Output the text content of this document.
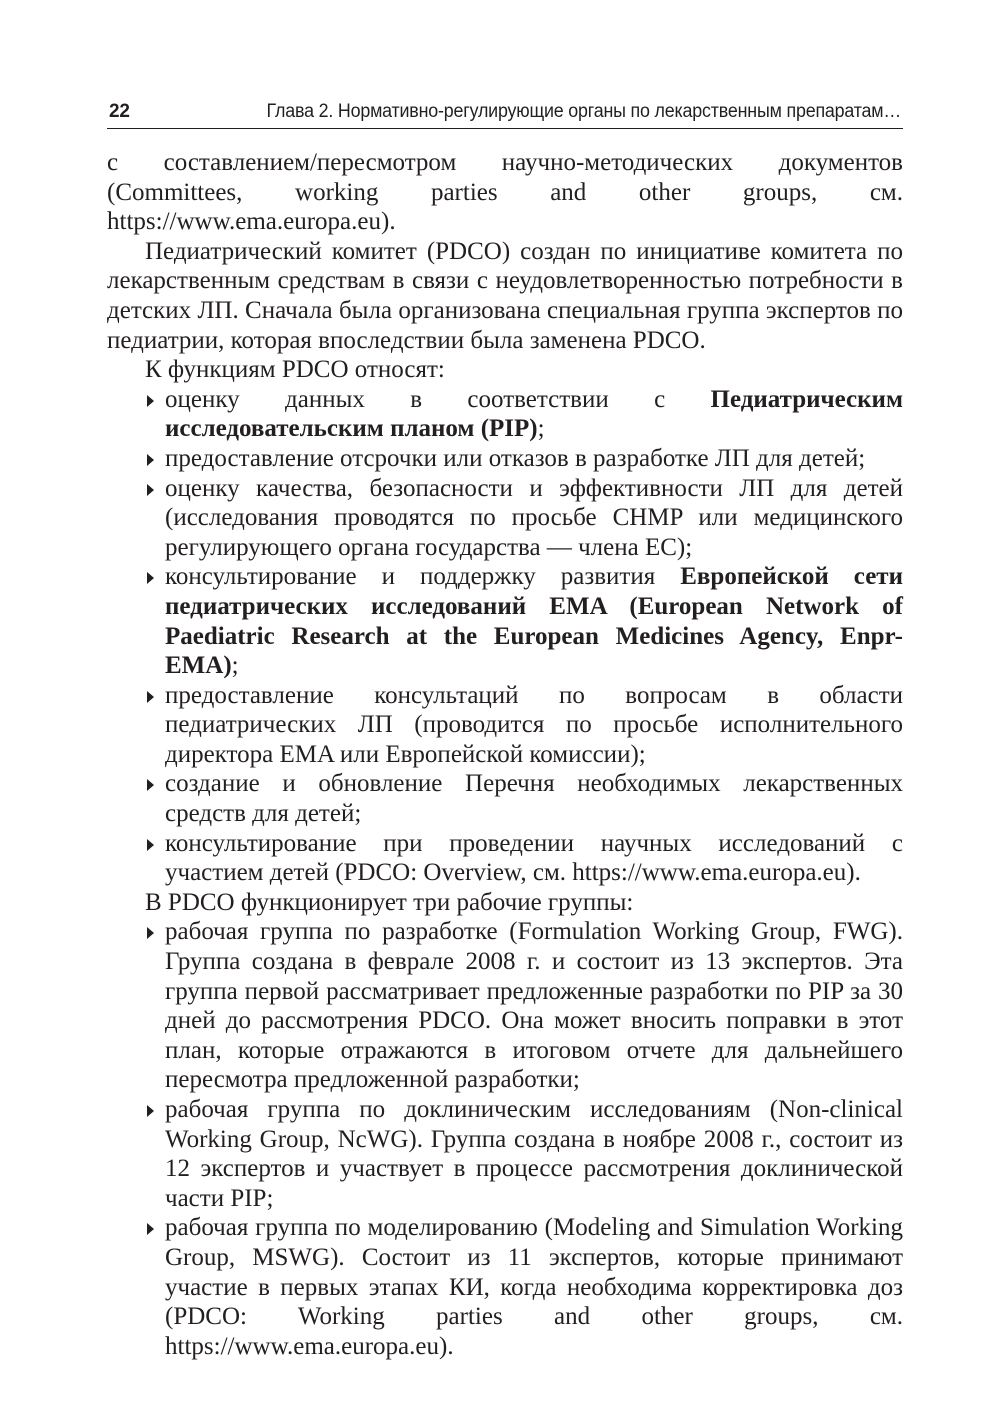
22	Глава 2. Нормативно-регулирующие органы по лекарственным препаратам…

с составлением/пересмотром научно-методических документов (Committees, working parties and other groups, см. https://www.ema.europa.eu).

Педиатрический комитет (PDCO) создан по инициативе комитета по лекарственным средствам в связи с неудовлетворенностью потребности в детских ЛП. Сначала была организована специальная группа экспертов по педиатрии, которая впоследствии была заменена PDCO.

К функциям PDCO относят:

оценку данных в соответствии с Педиатрическим исследовательским планом (PIP);
предоставление отсрочки или отказов в разработке ЛП для детей;
оценку качества, безопасности и эффективности ЛП для детей (исследования проводятся по просьбе CHMP или медицинского регулирующего органа государства — члена ЕС);
консультирование и поддержку развития Европейской сети педиатрических исследований EMA (European Network of Paediatric Research at the European Medicines Agency, Enpr-EMA);
предоставление консультаций по вопросам в области педиатрических ЛП (проводится по просьбе исполнительного директора EMA или Европейской комиссии);
создание и обновление Перечня необходимых лекарственных средств для детей;
консультирование при проведении научных исследований с участием детей (PDCO: Overview, см. https://www.ema.europa.eu).

В PDCO функционирует три рабочие группы:

рабочая группа по разработке (Formulation Working Group, FWG). Группа создана в феврале 2008 г. и состоит из 13 экспертов. Эта группа первой рассматривает предложенные разработки по PIP за 30 дней до рассмотрения PDCO. Она может вносить поправки в этот план, которые отражаются в итоговом отчете для дальнейшего пересмотра предложенной разработки;
рабочая группа по доклиническим исследованиям (Non-clinical Working Group, NcWG). Группа создана в ноябре 2008 г., состоит из 12 экспертов и участвует в процессе рассмотрения доклинической части PIP;
рабочая группа по моделированию (Modeling and Simulation Working Group, MSWG). Состоит из 11 экспертов, которые принимают участие в первых этапах КИ, когда необходима корректировка доз (PDCO: Working parties and other groups, см. https://www.ema.europa.eu).
